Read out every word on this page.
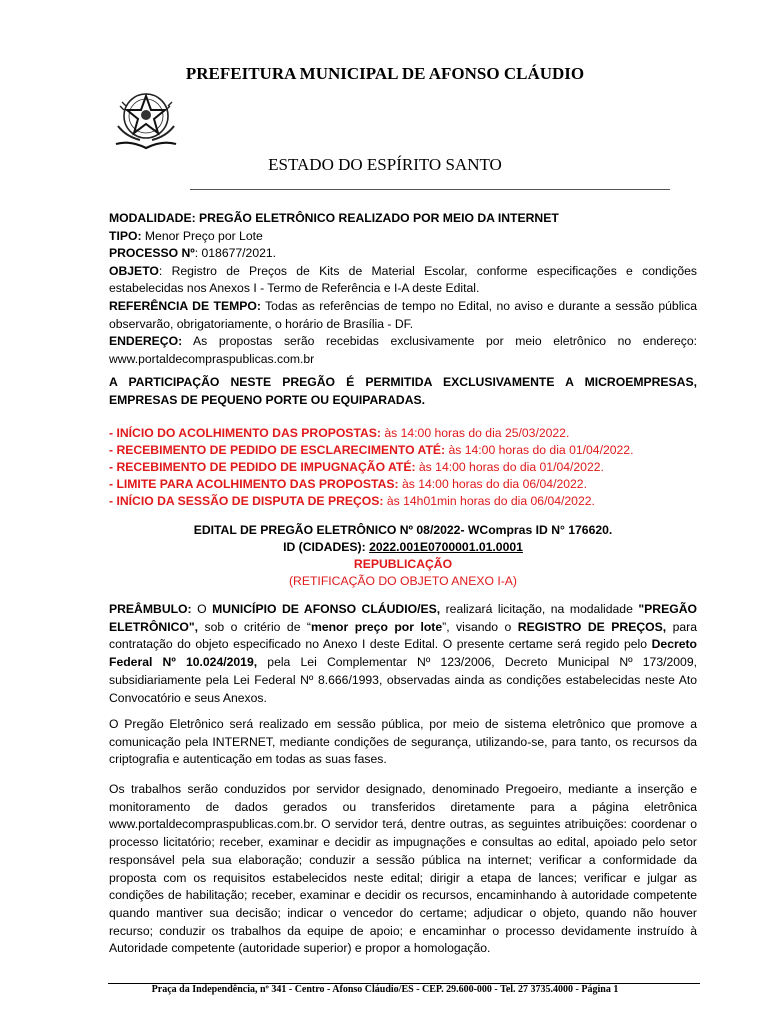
PREFEITURA MUNICIPAL DE AFONSO CLÁUDIO
ESTADO DO ESPÍRITO SANTO

MODALIDADE: PREGÃO ELETRÔNICO REALIZADO POR MEIO DA INTERNET

TIPO: Menor Preço por Lote

PROCESSO Nº: 018677/2021.

OBJETO: Registro de Preços de Kits de Material Escolar, conforme especificações e condições estabelecidas nos Anexos I - Termo de Referência e I-A deste Edital.

REFERÊNCIA DE TEMPO: Todas as referências de tempo no Edital, no aviso e durante a sessão pública observarão, obrigatoriamente, o horário de Brasília - DF.

ENDEREÇO: As propostas serão recebidas exclusivamente por meio eletrônico no endereço: www.portaldecompraspublicas.com.br

A PARTICIPAÇÃO NESTE PREGÃO É PERMITIDA EXCLUSIVAMENTE A MICROEMPRESAS, EMPRESAS DE PEQUENO PORTE OU EQUIPARADAS.
- INÍCIO DO ACOLHIMENTO DAS PROPOSTAS: às 14:00 horas do dia 25/03/2022.
- RECEBIMENTO DE PEDIDO DE ESCLARECIMENTO ATÉ: às 14:00 horas do dia 01/04/2022.
- RECEBIMENTO DE PEDIDO DE IMPUGNAÇÃO ATÉ: às 14:00 horas do dia 01/04/2022.
- LIMITE PARA ACOLHIMENTO DAS PROPOSTAS: às 14:00 horas do dia 06/04/2022.
- INÍCIO DA SESSÃO DE DISPUTA DE PREÇOS: às 14h01min horas do dia 06/04/2022.
EDITAL DE PREGÃO ELETRÔNICO Nº 08/2022- WCompras ID N° 176620.
ID (CIDADES): 2022.001E0700001.01.0001
REPUBLICAÇÃO
(RETIFICAÇÃO DO OBJETO ANEXO I-A)
PREÂMBULO: O MUNICÍPIO DE AFONSO CLÁUDIO/ES, realizará licitação, na modalidade "PREGÃO ELETRÔNICO", sob o critério de “menor preço por lote”, visando o REGISTRO DE PREÇOS, para contratação do objeto especificado no Anexo I deste Edital. O presente certame será regido pelo Decreto Federal Nº 10.024/2019, pela Lei Complementar Nº 123/2006, Decreto Municipal Nº 173/2009, subsidiariamente pela Lei Federal Nº 8.666/1993, observadas ainda as condições estabelecidas neste Ato Convocatório e seus Anexos.
O Pregão Eletrônico será realizado em sessão pública, por meio de sistema eletrônico que promove a comunicação pela INTERNET, mediante condições de segurança, utilizando-se, para tanto, os recursos da criptografia e autenticação em todas as suas fases.
Os trabalhos serão conduzidos por servidor designado, denominado Pregoeiro, mediante a inserção e monitoramento de dados gerados ou transferidos diretamente para a página eletrônica www.portaldecompraspublicas.com.br. O servidor terá, dentre outras, as seguintes atribuições: coordenar o processo licitatório; receber, examinar e decidir as impugnações e consultas ao edital, apoiado pelo setor responsável pela sua elaboração; conduzir a sessão pública na internet; verificar a conformidade da proposta com os requisitos estabelecidos neste edital; dirigir a etapa de lances; verificar e julgar as condições de habilitação; receber, examinar e decidir os recursos, encaminhando à autoridade competente quando mantiver sua decisão; indicar o vencedor do certame; adjudicar o objeto, quando não houver recurso; conduzir os trabalhos da equipe de apoio; e encaminhar o processo devidamente instruído à Autoridade competente (autoridade superior) e propor a homologação.
Praça da Independência, nº 341 - Centro - Afonso Cláudio/ES - CEP. 29.600-000 - Tel. 27 3735.4000 - Página 1
